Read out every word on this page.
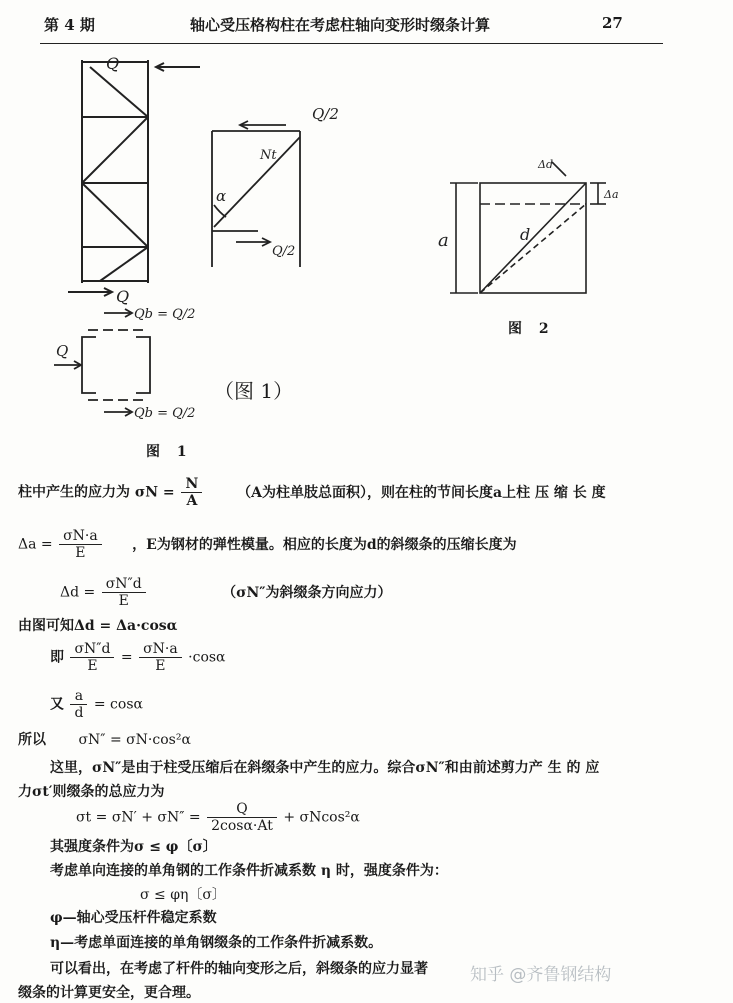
第 4 期	轴心受压格构柱在考虑柱轴向变形时缀条计算	27
Q
Q
Q/2
Nt
α
Q/2
Qb = Q/2
Q
Qb = Q/2
（图 1）
图 1
a	d
Δd
Δa
图 2
柱中产生的应力为 $\sigma N = \frac{N}{A} (A$为柱单肢总面积），则在柱的节间长度a上柱 压 缩 长 度
$\Delta a = \frac{\sigma N\cdot a}{E}$ ，E为钢材的弹性模量。相应的长度为d的斜缀条的压缩长度为
$\Delta d = \frac{\sigma N''d}{E}$	（σN″为斜缀条方向应力）
由图可知Δd = Δa·cosα
即 $\frac{\sigma N''d}{E} = \frac{\sigma N\cdot a}{E} \cdot\cos\alpha$
又 $\frac{a}{d} = \cos\alpha$
所以 σN″ = σN·cos²α
这里，σN″是由于柱受压缩后在斜缀条中产生的应力。综合σN″和由前述剪力产 生 的 应
力σt′则缀条的总应力为
$\sigma t = \sigma N' + \sigma N'' = \frac{Q}{2\cos\alpha\cdot At} + \sigma Ncos^2\alpha$
其强度条件为σ ≤ φ〔σ〕
考虑单向连接的单角钢的工作条件折减系数 η 时，强度条件为：
σ ≤ φη〔σ〕
φ—轴心受压杆件稳定系数
η—考虑单面连接的单角钢缀条的工作条件折减系数。
可以看出，在考虑了杆件的轴向变形之后，斜缀条的应力显著
缀条的计算更安全，更合理。
知乎 @齐鲁钢结构
